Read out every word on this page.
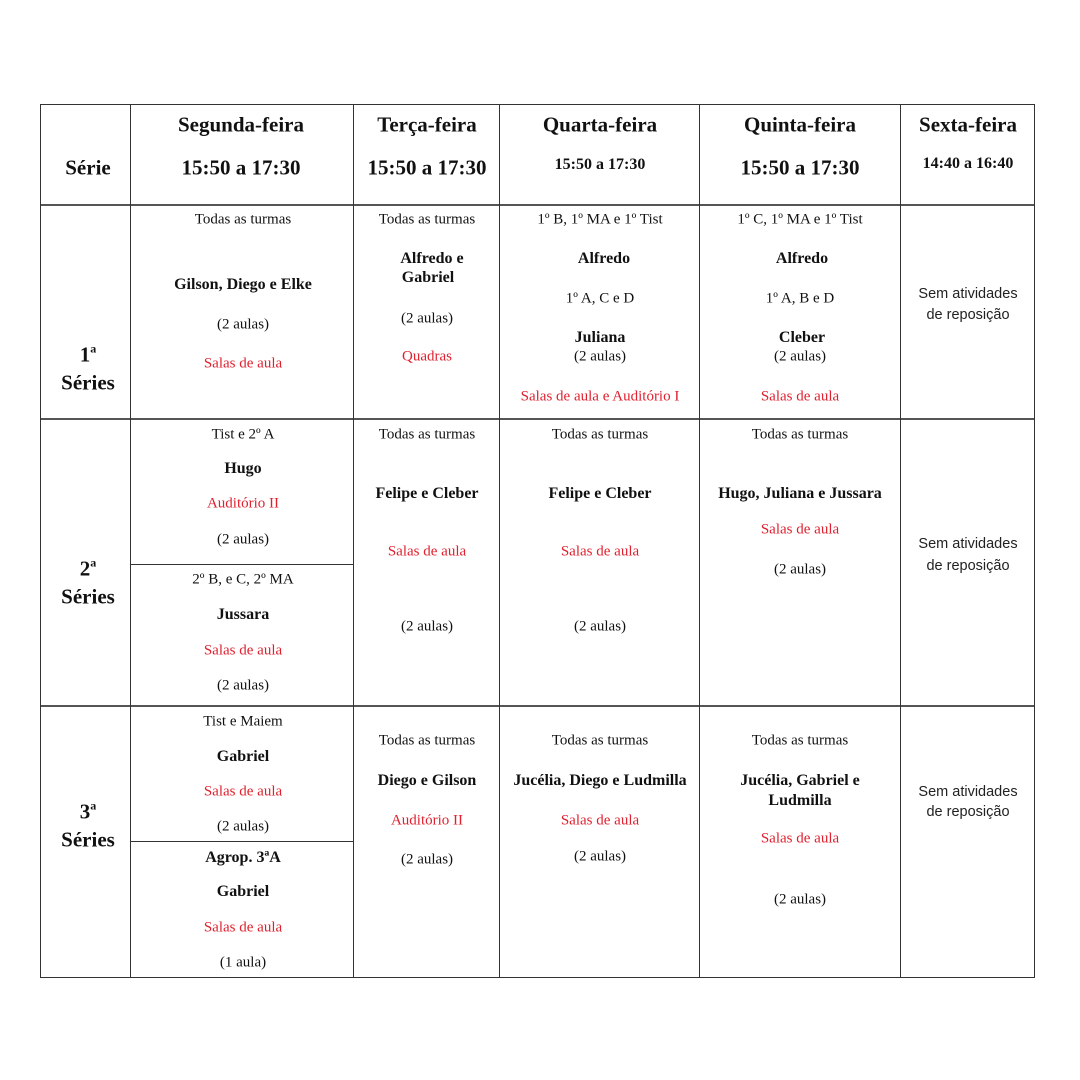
Série
1$^a$
Séries
2$^a$
Séries
3$^a$
Séries
Segunda-feira
15:50 a 17:30
Terça-feira
15:50 a 17:30
Quarta-feira
15:50 a 17:30
Quinta-feira
15:50 a 17:30
Sexta-feira
14:40 a 16:40
Todas as turmas
Gilson, Diego e Elke
(2 aulas)
Salas de aula
Todas as turmas
Alfredo e
Gabriel
(2 aulas)
Quadras
1º B, 1º MA e 1º Tist
Alfredo
1º A, C e D
Juliana
(2 aulas)
Salas de aula e Auditório I
1º C, 1º MA e 1º Tist
Alfredo
1º A, B e D
Cleber
(2 aulas)
Salas de aula
Sem atividades
de reposição
Tist e 2º A
Hugo
Auditório II
(2 aulas)
2º B, e C, 2º MA
Jussara
Salas de aula
(2 aulas)
Todas as turmas
Felipe e Cleber
Salas de aula
(2 aulas)
Todas as turmas
Felipe e Cleber
Salas de aula
(2 aulas)
Todas as turmas
Hugo, Juliana e Jussara
Salas de aula
(2 aulas)
Sem atividades
de reposição
Tist e Maiem
Gabriel
Salas de aula
(2 aulas)
Agrop. 3ªA
Gabriel
Salas de aula
(1 aula)
Todas as turmas
Diego e Gilson
Auditório II
(2 aulas)
Todas as turmas
Jucélia, Diego e Ludmilla
Salas de aula
(2 aulas)
Todas as turmas
Jucélia, Gabriel e
Ludmilla
Salas de aula
(2 aulas)
Sem atividades
de reposição
